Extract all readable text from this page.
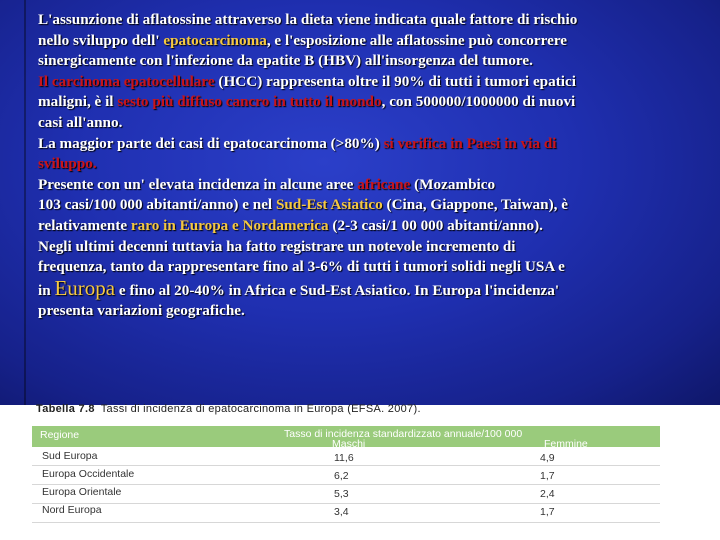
L'assunzione di aflatossine attraverso la dieta viene indicata quale fattore di rischio

nello sviluppo dell' epatocarcinoma, e l'esposizione alle aflatossine può concorrere

sinergicamente con l'infezione da epatite B (HBV) all'insorgenza del tumore.

Il carcinoma epatocellulare (HCC) rappresenta oltre il 90% di tutti i tumori epatici

maligni, è il sesto più diffuso cancro in tutto il mondo, con 500000/1000000 di nuovi

casi all'anno.

La maggior parte dei casi di epatocarcinoma (>80%) si verifica in Paesi in via di

sviluppo.

Presente con un' elevata incidenza in alcune aree africane (Mozambico

103 casi/100 000 abitanti/anno) e nel Sud-Est Asiatico (Cina, Giappone, Taiwan), è

relativamente raro in Europa e Nordamerica (2-3 casi/1 00 000 abitanti/anno).

Negli ultimi decenni tuttavia ha fatto registrare un notevole incremento di

frequenza, tanto da rappresentare fino al 3-6% di tutti i tumori solidi negli USA e

in Europa e fino al 20-40% in Africa e Sud-Est Asiatico. In Europa l'incidenza'

presenta variazioni geografiche.

Tabella 7.8 Tassi di incidenza di epatocarcinoma in Europa (EFSA. 2007).
Regione	Tasso di incidenza standardizzato annuale/100 000
Maschi	Femmine
Sud Europa	11,6	4,9
Europa Occidentale	6,2	1,7
Europa Orientale	5,3	2,4
Nord Europa	3,4	1,7
